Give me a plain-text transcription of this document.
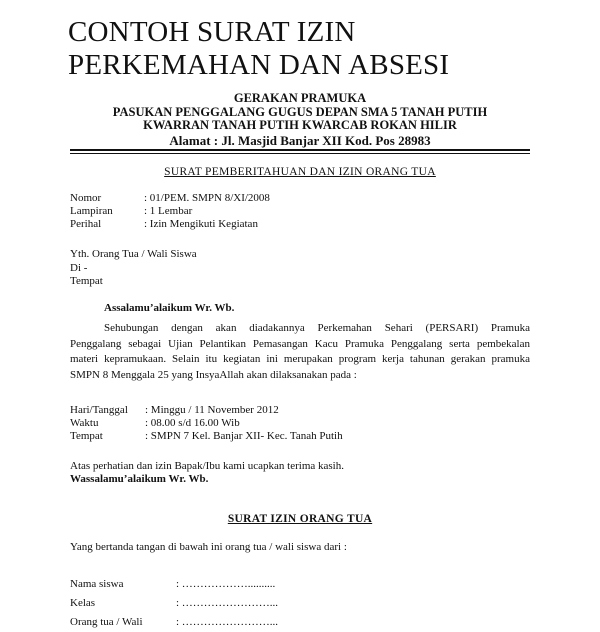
CONTOH SURAT IZIN
PERKEMAHAN DAN ABSESI
GERAKAN PRAMUKA
PASUKAN PENGGALANG GUGUS DEPAN SMA 5 TANAH PUTIH
KWARRAN TANAH PUTIH KWARCAB ROKAN HILIR
Alamat : Jl. Masjid Banjar XII Kod. Pos 28983
SURAT PEMBERITAHUAN DAN IZIN ORANG TUA
Nomor	: 01/PEM. SMPN 8/XI/2008
Lampiran	: 1 Lembar
Perihal	: Izin Mengikuti Kegiatan
Yth. Orang Tua / Wali Siswa
Di -
Tempat
Assalamu’alaikum Wr. Wb.
Sehubungan dengan akan diadakannya Perkemahan Sehari (PERSARI) Pramuka
Penggalang sebagai Ujian Pelantikan Pemasangan Kacu Pramuka Penggalang serta pembekalan
materi kepramukaan. Selain itu kegiatan ini merupakan program kerja tahunan gerakan pramuka
SMPN 8 Menggala 25 yang InsyaAllah akan dilaksanakan pada :
Hari/Tanggal	: Minggu / 11 November 2012
Waktu	: 08.00 s/d 16.00 Wib
Tempat	: SMPN 7 Kel. Banjar XII- Kec. Tanah Putih
Atas perhatian dan izin Bapak/Ibu kami ucapkan terima kasih.
Wassalamu’alaikum Wr. Wb.
SURAT IZIN ORANG TUA
Yang bertanda tangan di bawah ini orang tua / wali siswa dari :
Nama siswa	: ………………..........
Kelas	: ……………………...
Orang tua / Wali	: ……………………...
